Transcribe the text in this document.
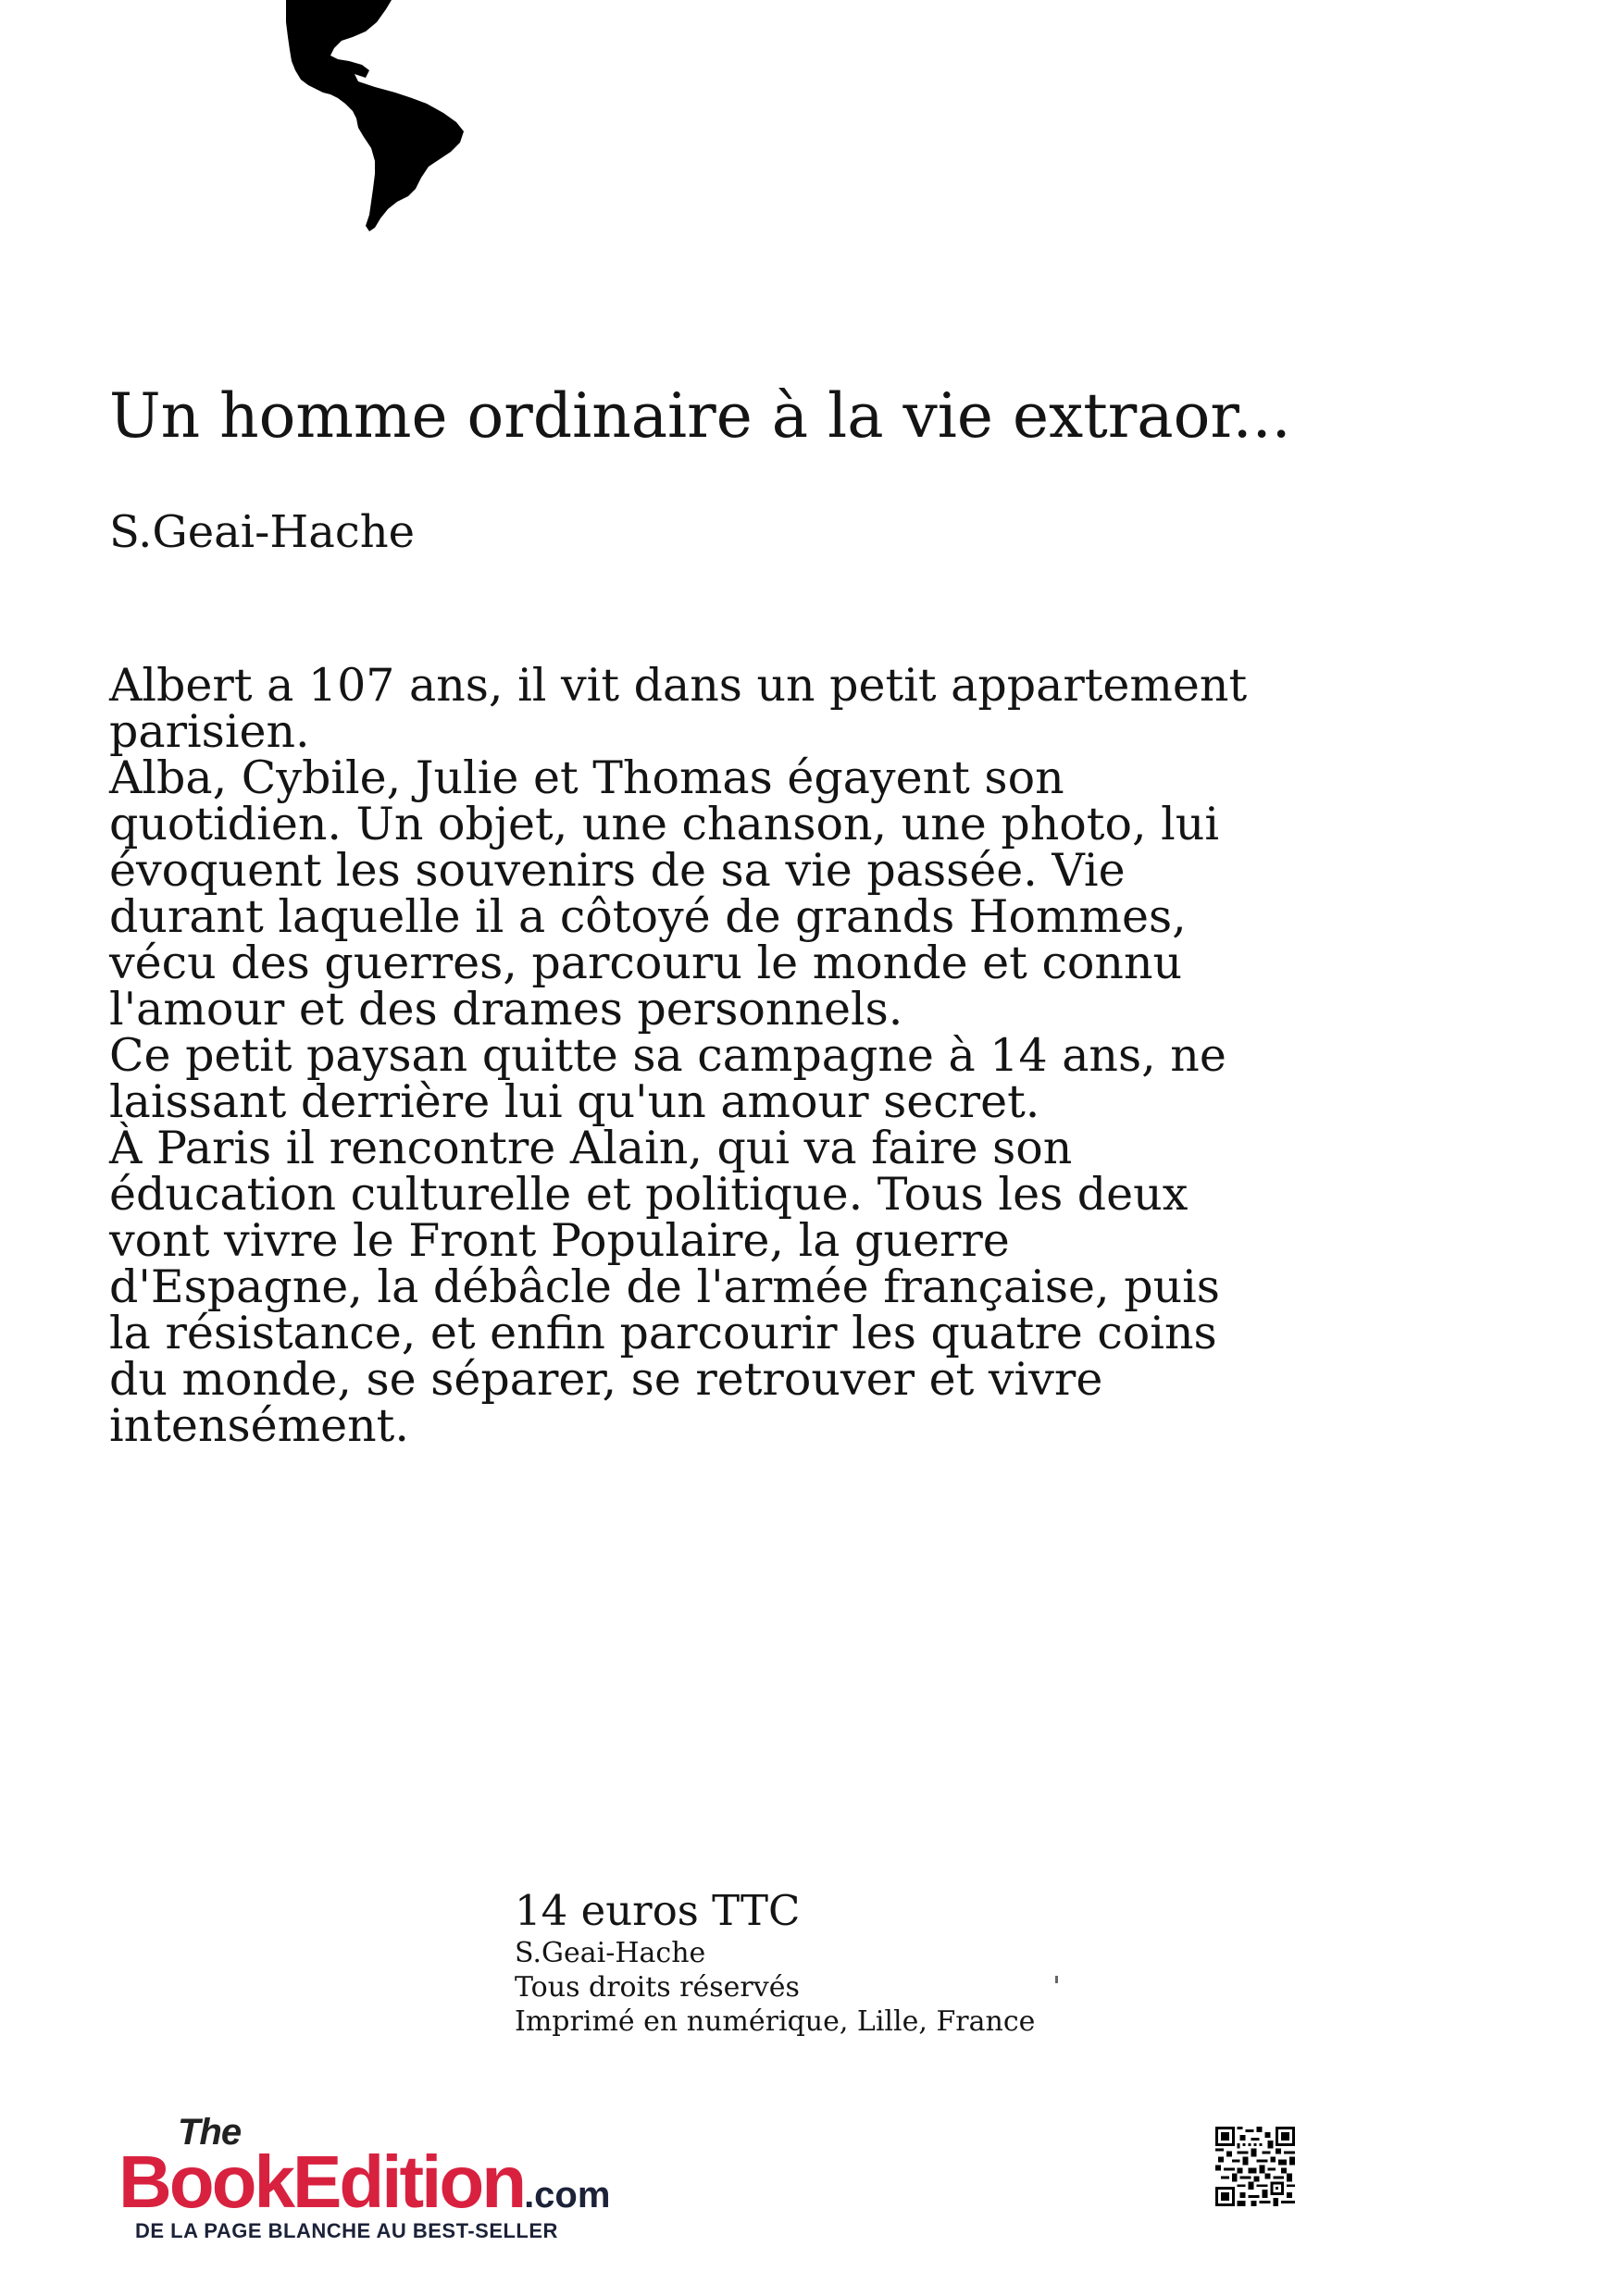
Un homme ordinaire à la vie extraor...
S.Geai-Hache

Albert a 107 ans, il vit dans un petit appartement parisien.

Alba, Cybile, Julie et Thomas égayent son quotidien. Un objet, une chanson, une photo, lui évoquent les souvenirs de sa vie passée. Vie durant laquelle il a côtoyé de grands Hommes, vécu des guerres, parcouru le monde et connu l'amour et des drames personnels.

Ce petit paysan quitte sa campagne à 14 ans, ne laissant derrière lui qu'un amour secret.

À Paris il rencontre Alain, qui va faire son éducation culturelle et politique. Tous les deux vont vivre le Front Populaire, la guerre d'Espagne, la débâcle de l'armée française, puis la résistance, et enfin parcourir les quatre coins du monde, se séparer, se retrouver et vivre intensément.

14 euros TTC
S.Geai-Hache
Tous droits réservés
Imprimé en numérique, Lille, France
The
BookEdition.com
DE LA PAGE BLANCHE AU BEST-SELLER
